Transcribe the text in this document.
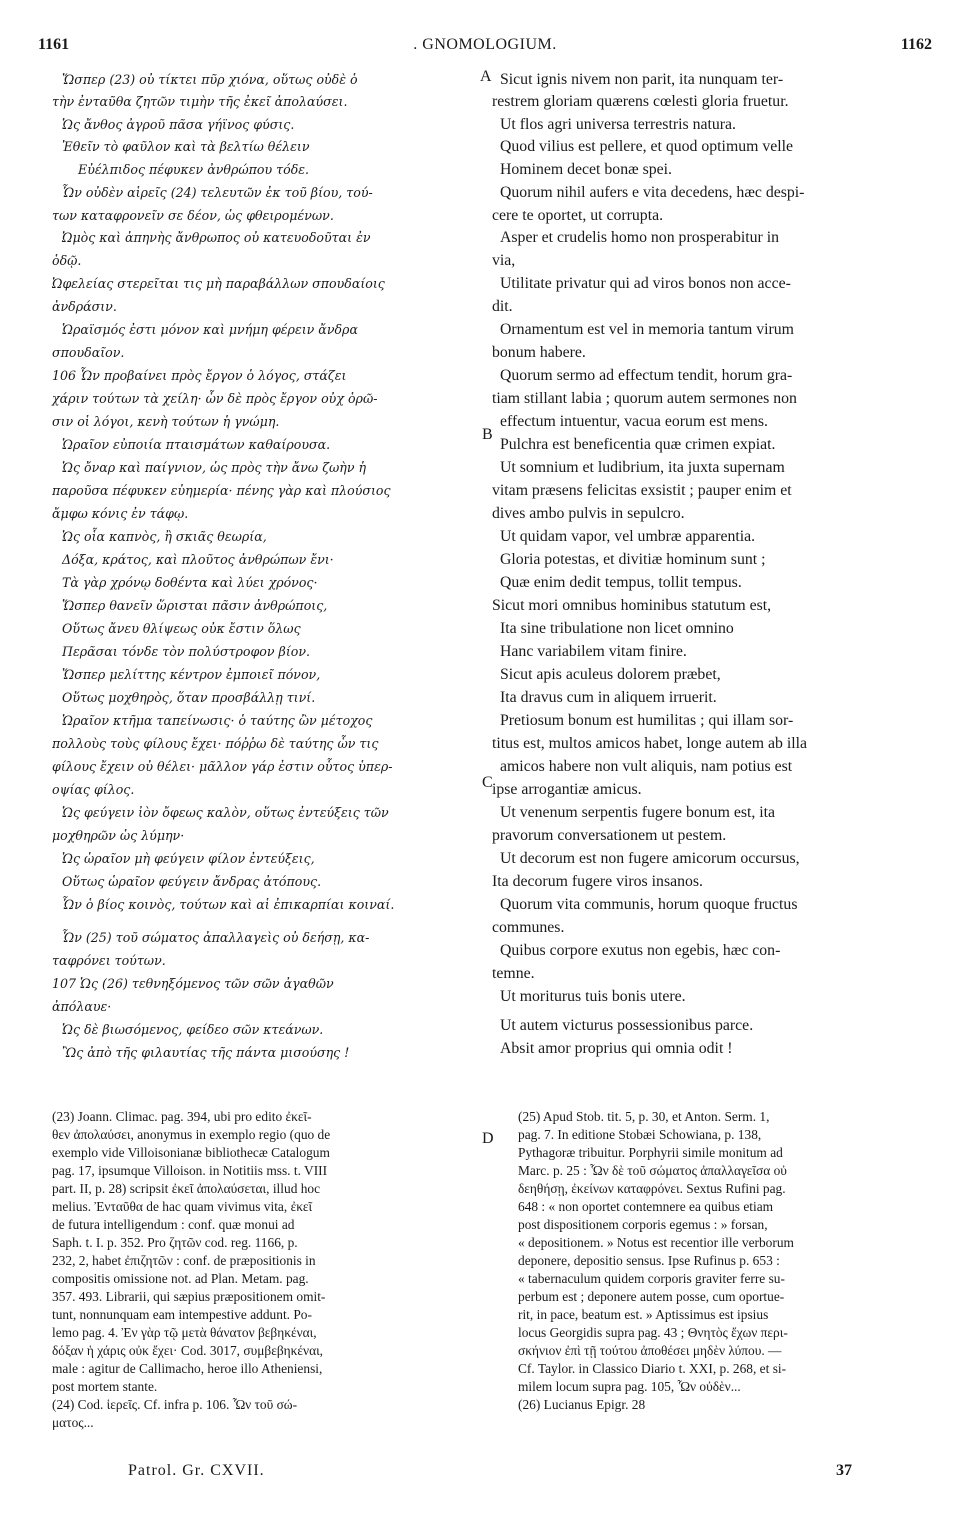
1161	. GNOMOLOGIUM.	1162
Ὥσπερ (23) οὐ τίκτει πῦρ χιόνα, οὕτως οὐδὲ ὁ
τὴν ἐνταῦθα ζητῶν τιμὴν τῆς ἐκεῖ ἀπολαύσει.
Ὡς ἄνθος ἀγροῦ πᾶσα γήϊνος φύσις.
Ἐθεῖν τὸ φαῦλον καὶ τὰ βελτίω θέλειν
Εὐέλπιδος πέφυκεν ἀνθρώπου τόδε.
Ὧν οὐδὲν αἱρεῖς (24) τελευτῶν ἐκ τοῦ βίου, τού-
των καταφρονεῖν σε δέον, ὡς φθειρομένων.
Ὠμὸς καὶ ἀπηνὴς ἄνθρωπος οὐ κατευοδοῦται ἐν
ὁδῷ.
Ὠφελείας στερεῖται τις μὴ παραβάλλων σπουδαίοις
ἀνδράσιν.
Ὡραϊσμός ἐστι μόνον καὶ μνήμη φέρειν ἄνδρα
σπουδαῖον.
106 Ὧν προβαίνει πρὸς ἔργον ὁ λόγος, στάζει
χάριν τούτων τὰ χείλη· ὧν δὲ πρὸς ἔργον οὐχ ὁρῶ-
σιν οἱ λόγοι, κενὴ τούτων ἡ γνώμη.
Ὡραῖον εὐποιία πταισμάτων καθαίρουσα.
Ὡς ὄναρ καὶ παίγνιον, ὡς πρὸς τὴν ἄνω ζωὴν ἡ
παροῦσα πέφυκεν εὐημερία· πένης γὰρ καὶ πλούσιος
ἄμφω κόνις ἐν τάφῳ.
Ὡς οἷα καπνὸς, ἢ σκιᾶς θεωρία,
Δόξα, κράτος, καὶ πλοῦτος ἀνθρώπων ἔνι·
Τὰ γὰρ χρόνῳ δοθέντα καὶ λύει χρόνος·
Ὥσπερ θανεῖν ὥρισται πᾶσιν ἀνθρώποις,
Οὕτως ἄνευ θλίψεως οὐκ ἔστιν ὅλως
Περᾶσαι τόνδε τὸν πολύστροφον βίον.
Ὥσπερ μελίττης κέντρον ἐμποιεῖ πόνον,
Οὕτως μοχθηρὸς, ὅταν προσβάλλῃ τινί.
Ὡραῖον κτῆμα ταπείνωσις· ὁ ταύτης ὢν μέτοχος
πολλοὺς τοὺς φίλους ἔχει· πόῤῥω δὲ ταύτης ὧν τις
φίλους ἔχειν οὐ θέλει· μᾶλλον γάρ ἐστιν οὗτος ὑπερ-
οψίας φίλος.
Ὡς φεύγειν ἰὸν ὄφεως καλὸν, οὕτως ἐντεύξεις τῶν
μοχθηρῶν ὡς λύμην·
Ὡς ὡραῖον μὴ φεύγειν φίλον ἐντεύξεις,
Οὕτως ὡραῖον φεύγειν ἄνδρας ἀτόπους.
Ὧν ὁ βίος κοινὸς, τούτων καὶ αἱ ἐπικαρπίαι κοιναί.
Ὧν (25) τοῦ σώματος ἀπαλλαγεὶς οὐ δεήσῃ, κα-
ταφρόνει τούτων.
107 Ὡς (26) τεθνηξόμενος τῶν σῶν ἀγαθῶν
ἀπόλαυε·
Ὡς δὲ βιωσόμενος, φείδεο σῶν κτεάνων.
Ὢς ἀπὸ τῆς φιλαυτίας τῆς πάντα μισούσης !
Sicut ignis nivem non parit, ita nunquam ter-
restrem gloriam quærens cœlesti gloria fruetur.
Ut flos agri universa terrestris natura.
Quod vilius est pellere, et quod optimum velle
Hominem decet bonæ spei.
Quorum nihil aufers e vita decedens, hæc despi-
cere te oportet, ut corrupta.
Asper et crudelis homo non prosperabitur in
via,
Utilitate privatur qui ad viros bonos non acce-
dit.
Ornamentum est vel in memoria tantum virum
bonum habere.
Quorum sermo ad effectum tendit, horum gra-
tiam stillant labia ; quorum autem sermones non
effectum intuentur, vacua eorum est mens.
Pulchra est beneficentia quæ crimen expiat.
Ut somnium et ludibrium, ita juxta supernam
vitam præsens felicitas exsistit ; pauper enim et
dives ambo pulvis in sepulcro.
Ut quidam vapor, vel umbræ apparentia.
Gloria potestas, et divitiæ hominum sunt ;
Quæ enim dedit tempus, tollit tempus.
Sicut mori omnibus hominibus statutum est,
Ita sine tribulatione non licet omnino
Hanc variabilem vitam finire.
Sicut apis aculeus dolorem præbet,
Ita dravus cum in aliquem irruerit.
Pretiosum bonum est humilitas ; qui illam sor-
titus est, multos amicos habet, longe autem ab illa
amicos habere non vult aliquis, nam potius est
ipse arrogantiæ amicus.
Ut venenum serpentis fugere bonum est, ita
pravorum conversationem ut pestem.
Ut decorum est non fugere amicorum occursus,
Ita decorum fugere viros insanos.
Quorum vita communis, horum quoque fructus
communes.
Quibus corpore exutus non egebis, hæc con-
temne.
Ut moriturus tuis bonis utere.
Ut autem victurus possessionibus parce.
Absit amor proprius qui omnia odit !
A
B
C
D
(23) Joann. Climac. pag. 394, ubi pro edito ἐκεῖ-
θεν ἀπολαύσει, anonymus in exemplo regio (quo de
exemplo vide Villoisonianæ bibliothecæ Catalogum
pag. 17, ipsumque Villoison. in Notitiis mss. t. VIII
part. II, p. 28) scripsit ἐκεῖ ἀπολαύσεται, illud hoc
melius. Ἐνταῦθα de hac quam vivimus vita, ἐκεῖ
de futura intelligendum : conf. quæ monui ad
Saph. t. I. p. 352. Pro ζητῶν cod. reg. 1166, p.
232, 2, habet ἐπιζητῶν : conf. de præpositionis in
compositis omissione not. ad Plan. Metam. pag.
357. 493. Librarii, qui sæpius præpositionem omit-
tunt, nonnunquam eam intempestive addunt. Po-
lemo pag. 4. Ἐν γὰρ τῷ μετὰ θάνατον βεβηκέναι,
δόξαν ἡ χάρις οὐκ ἔχει· Cod. 3017, συμβεβηκέναι,
male : agitur de Callimacho, heroe illo Atheniensi,
post mortem stante.
(24) Cod. ἱερεῖς. Cf. infra p. 106. Ὧν τοῦ σώ-
ματος...
(25) Apud Stob. tit. 5, p. 30, et Anton. Serm. 1,
pag. 7. In editione Stobæi Schowiana, p. 138,
Pythagoræ tribuitur. Porphyrii simile monitum ad
Marc. p. 25 : Ὧν δὲ τοῦ σώματος ἀπαλλαγεῖσα οὐ
δεηθήσῃ, ἐκείνων καταφρόνει. Sextus Rufini pag.
648 : « non oportet contemnere ea quibus etiam
post dispositionem corporis egemus : » forsan,
« depositionem. » Notus est recentior ille verborum
deponere, depositio sensus. Ipse Rufinus p. 653 :
« tabernaculum quidem corporis graviter ferre su-
perbum est ; deponere autem posse, cum oportue-
rit, in pace, beatum est. » Aptissimus est ipsius
locus Georgidis supra pag. 43 ; Θνητὸς ἔχων περι-
σκήνιον ἐπὶ τῇ τούτου ἀποθέσει μηδὲν λύπου. —
Cf. Taylor. in Classico Diario t. XXI, p. 268, et si-
milem locum supra pag. 105, Ὧν οὐδὲν...
(26) Lucianus Epigr. 28
Patrol. Gr. CXVII.	37
